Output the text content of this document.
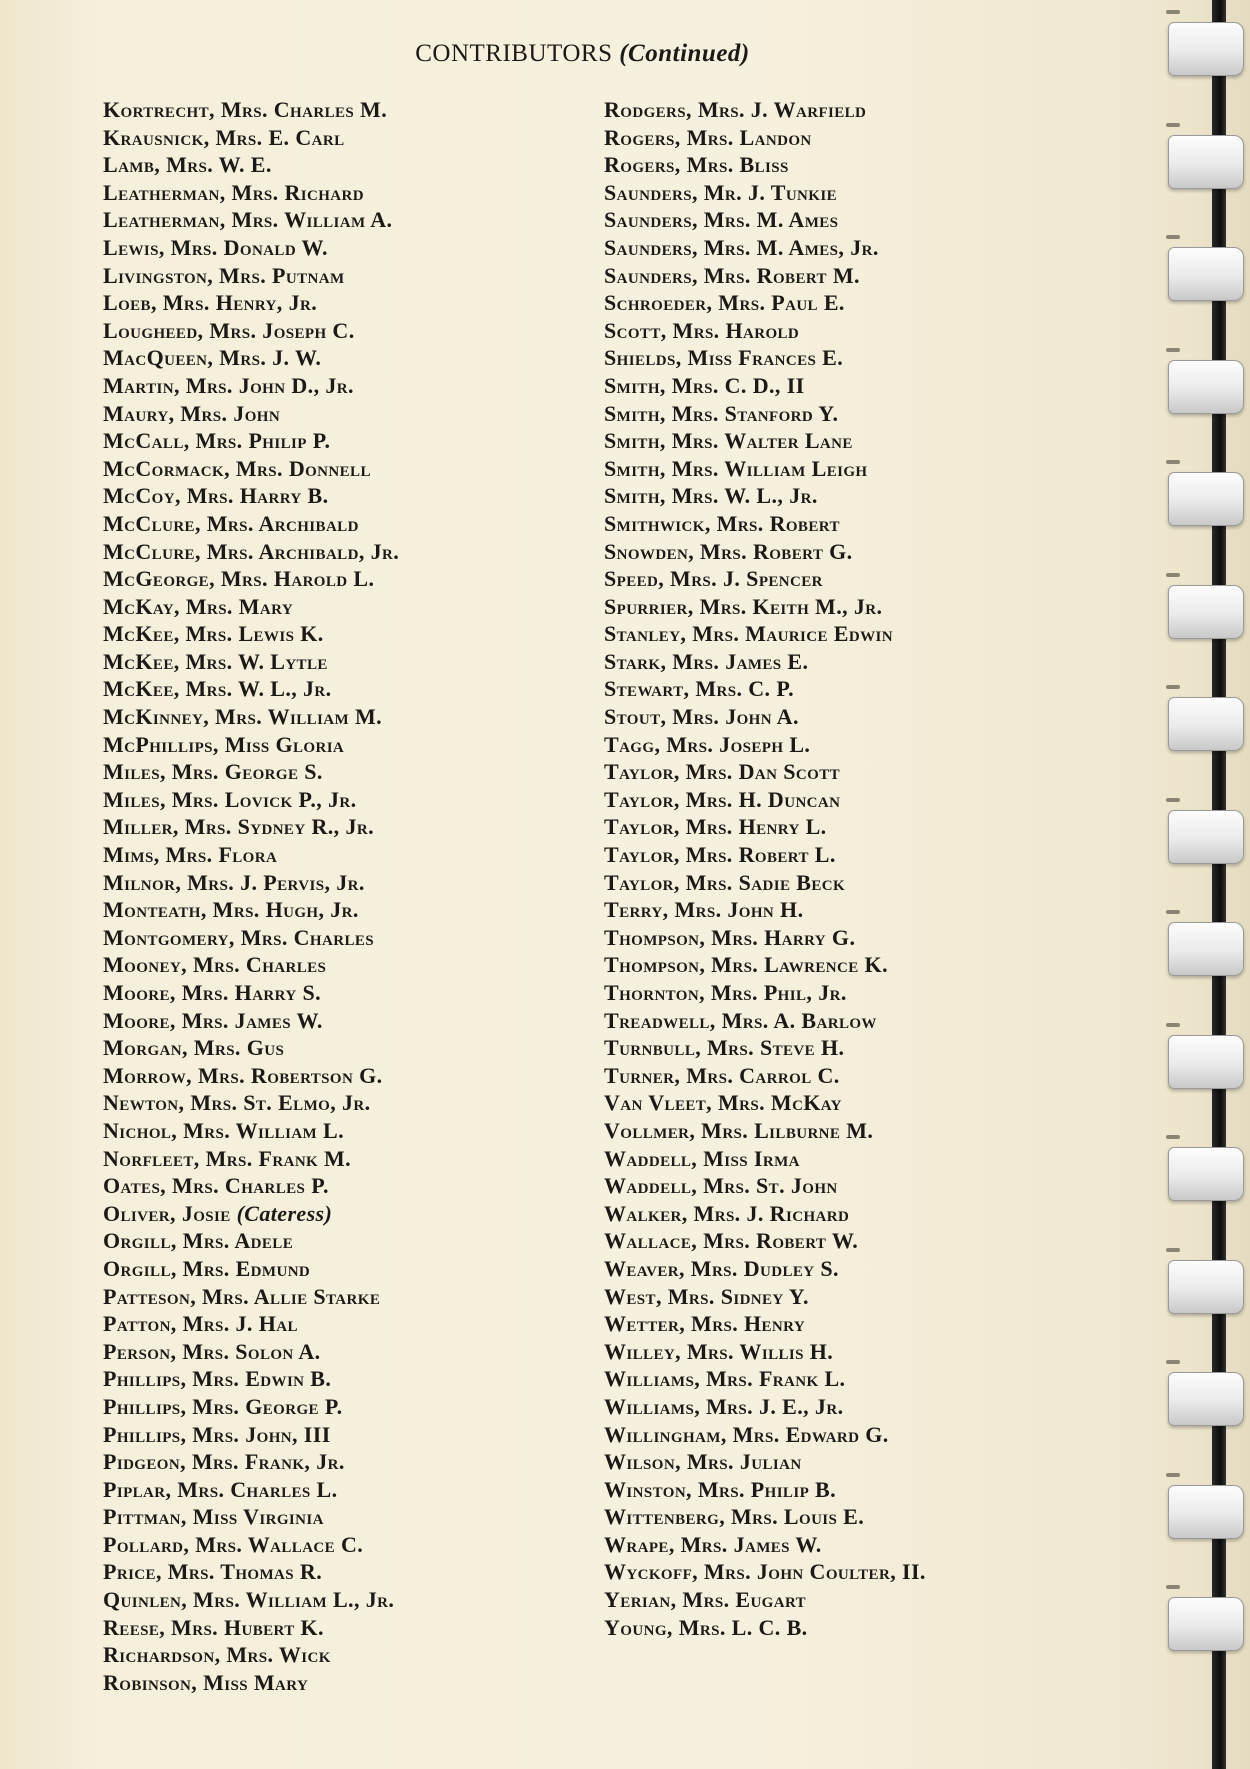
CONTRIBUTORS (Continued)
Kortrecht, Mrs. Charles M.
Krausnick, Mrs. E. Carl
Lamb, Mrs. W. E.
Leatherman, Mrs. Richard
Leatherman, Mrs. William A.
Lewis, Mrs. Donald W.
Livingston, Mrs. Putnam
Loeb, Mrs. Henry, Jr.
Lougheed, Mrs. Joseph C.
MacQueen, Mrs. J. W.
Martin, Mrs. John D., Jr.
Maury, Mrs. John
McCall, Mrs. Philip P.
McCormack, Mrs. Donnell
McCoy, Mrs. Harry B.
McClure, Mrs. Archibald
McClure, Mrs. Archibald, Jr.
McGeorge, Mrs. Harold L.
McKay, Mrs. Mary
McKee, Mrs. Lewis K.
McKee, Mrs. W. Lytle
McKee, Mrs. W. L., Jr.
McKinney, Mrs. William M.
McPhillips, Miss Gloria
Miles, Mrs. George S.
Miles, Mrs. Lovick P., Jr.
Miller, Mrs. Sydney R., Jr.
Mims, Mrs. Flora
Milnor, Mrs. J. Pervis, Jr.
Monteath, Mrs. Hugh, Jr.
Montgomery, Mrs. Charles
Mooney, Mrs. Charles
Moore, Mrs. Harry S.
Moore, Mrs. James W.
Morgan, Mrs. Gus
Morrow, Mrs. Robertson G.
Newton, Mrs. St. Elmo, Jr.
Nichol, Mrs. William L.
Norfleet, Mrs. Frank M.
Oates, Mrs. Charles P.
Oliver, Josie (Cateress)
Orgill, Mrs. Adele
Orgill, Mrs. Edmund
Patteson, Mrs. Allie Starke
Patton, Mrs. J. Hal
Person, Mrs. Solon A.
Phillips, Mrs. Edwin B.
Phillips, Mrs. George P.
Phillips, Mrs. John, III
Pidgeon, Mrs. Frank, Jr.
Piplar, Mrs. Charles L.
Pittman, Miss Virginia
Pollard, Mrs. Wallace C.
Price, Mrs. Thomas R.
Quinlen, Mrs. William L., Jr.
Reese, Mrs. Hubert K.
Richardson, Mrs. Wick
Robinson, Miss Mary
Rodgers, Mrs. J. Warfield
Rogers, Mrs. Landon
Rogers, Mrs. Bliss
Saunders, Mr. J. Tunkie
Saunders, Mrs. M. Ames
Saunders, Mrs. M. Ames, Jr.
Saunders, Mrs. Robert M.
Schroeder, Mrs. Paul E.
Scott, Mrs. Harold
Shields, Miss Frances E.
Smith, Mrs. C. D., II
Smith, Mrs. Stanford Y.
Smith, Mrs. Walter Lane
Smith, Mrs. William Leigh
Smith, Mrs. W. L., Jr.
Smithwick, Mrs. Robert
Snowden, Mrs. Robert G.
Speed, Mrs. J. Spencer
Spurrier, Mrs. Keith M., Jr.
Stanley, Mrs. Maurice Edwin
Stark, Mrs. James E.
Stewart, Mrs. C. P.
Stout, Mrs. John A.
Tagg, Mrs. Joseph L.
Taylor, Mrs. Dan Scott
Taylor, Mrs. H. Duncan
Taylor, Mrs. Henry L.
Taylor, Mrs. Robert L.
Taylor, Mrs. Sadie Beck
Terry, Mrs. John H.
Thompson, Mrs. Harry G.
Thompson, Mrs. Lawrence K.
Thornton, Mrs. Phil, Jr.
Treadwell, Mrs. A. Barlow
Turnbull, Mrs. Steve H.
Turner, Mrs. Carrol C.
Van Vleet, Mrs. McKay
Vollmer, Mrs. Lilburne M.
Waddell, Miss Irma
Waddell, Mrs. St. John
Walker, Mrs. J. Richard
Wallace, Mrs. Robert W.
Weaver, Mrs. Dudley S.
West, Mrs. Sidney Y.
Wetter, Mrs. Henry
Willey, Mrs. Willis H.
Williams, Mrs. Frank L.
Williams, Mrs. J. E., Jr.
Willingham, Mrs. Edward G.
Wilson, Mrs. Julian
Winston, Mrs. Philip B.
Wittenberg, Mrs. Louis E.
Wrape, Mrs. James W.
Wyckoff, Mrs. John Coulter, II.
Yerian, Mrs. Eugart
Young, Mrs. L. C. B.
